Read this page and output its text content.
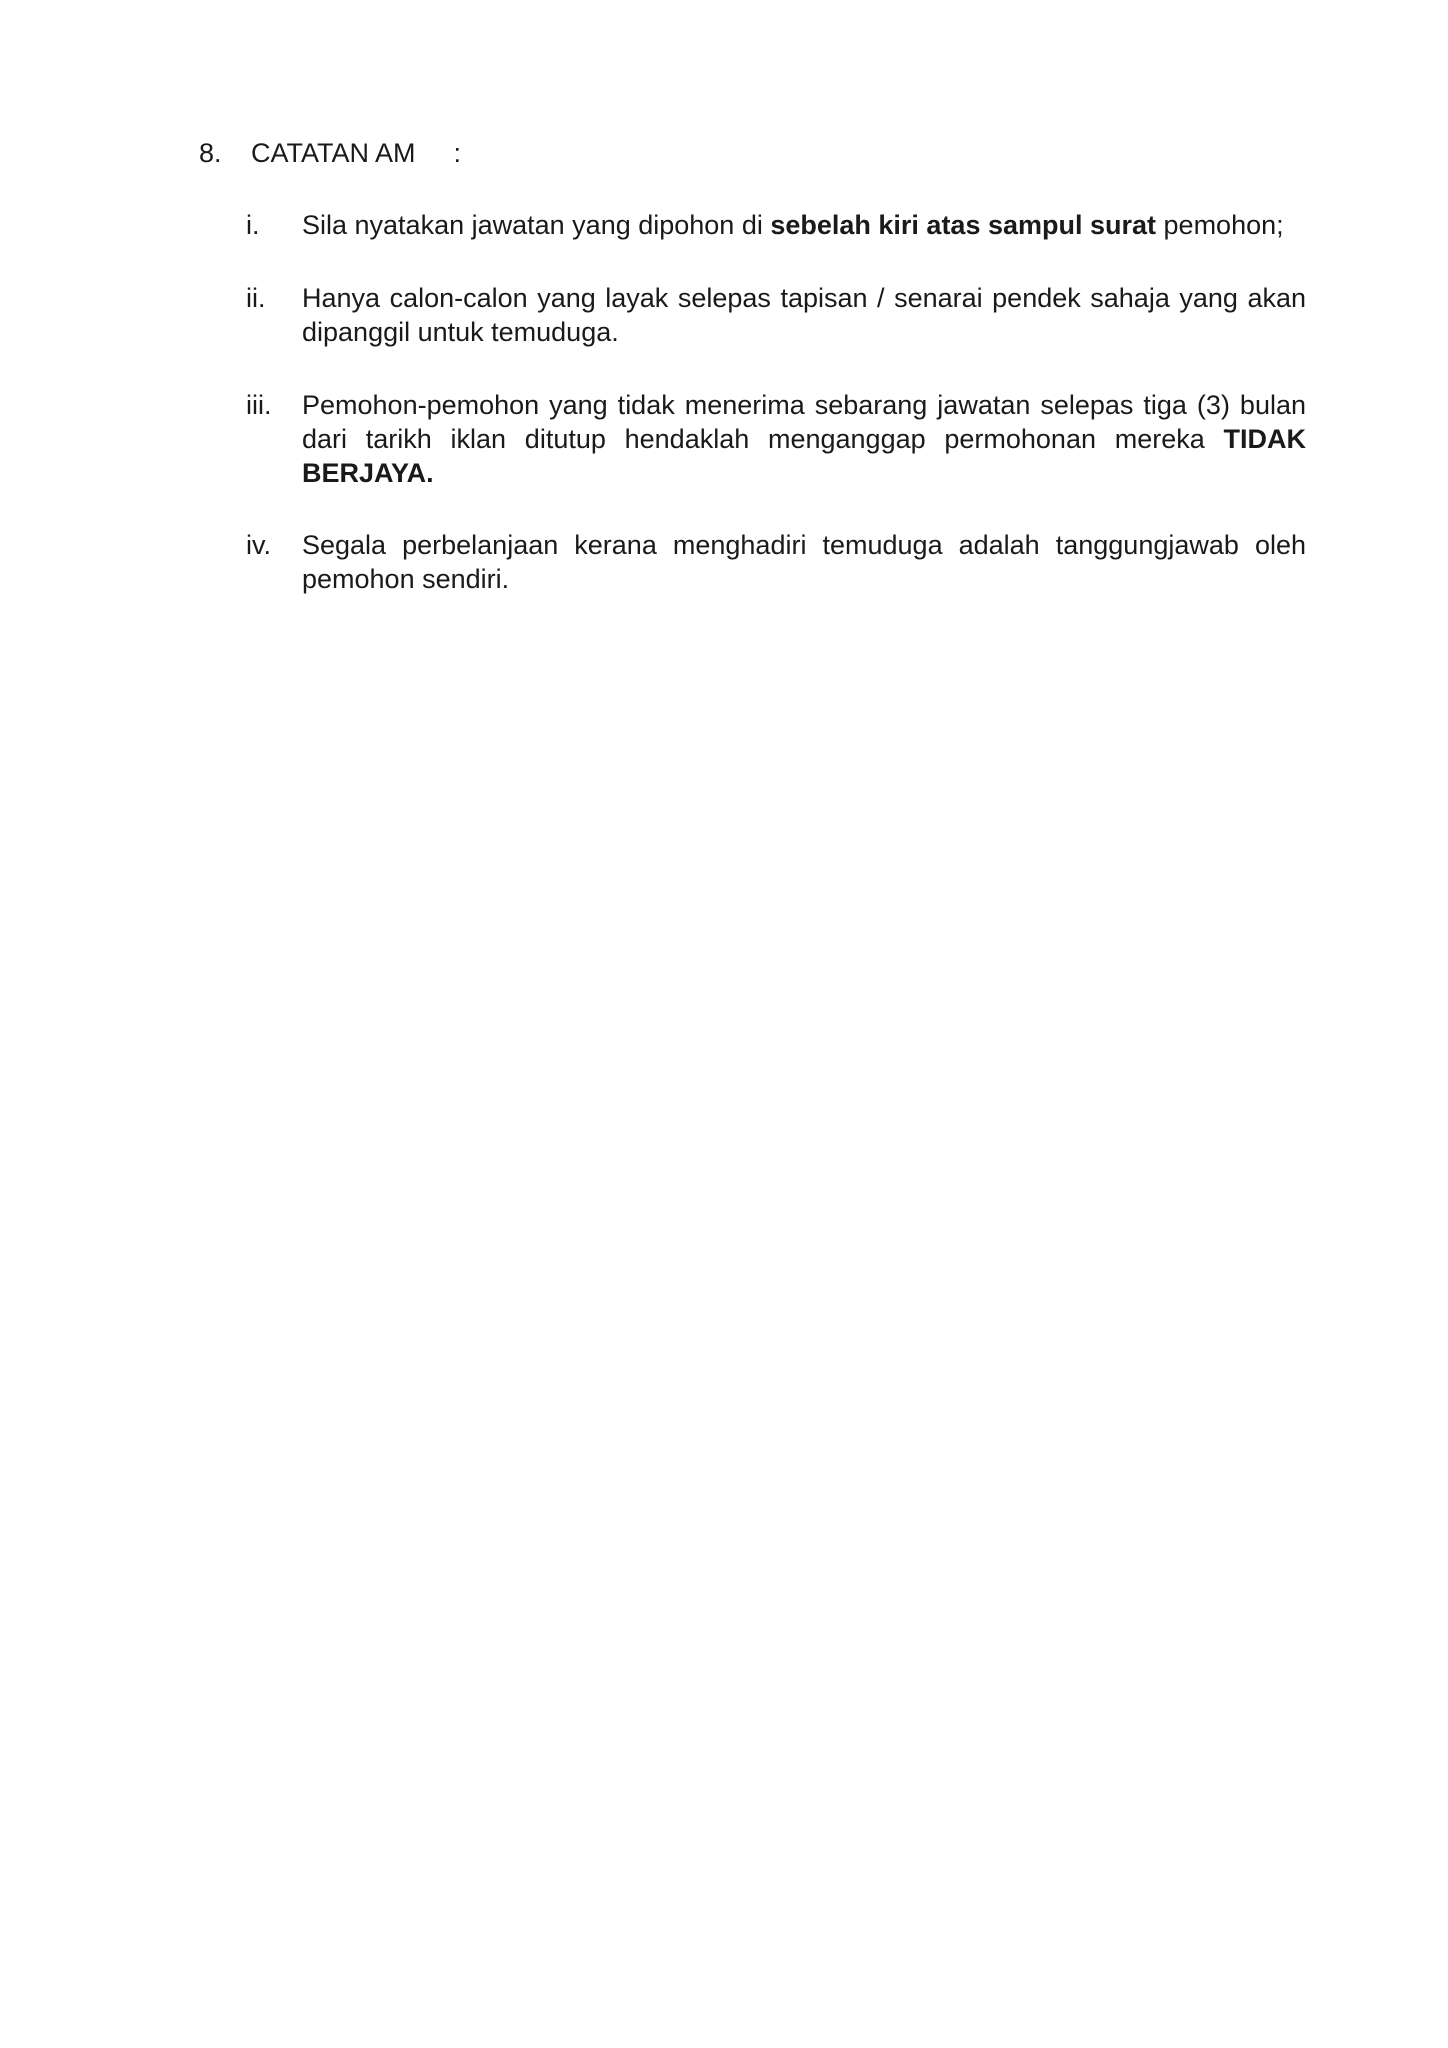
8. CATATAN AM :
i. Sila nyatakan jawatan yang dipohon di sebelah kiri atas sampul surat pemohon;
ii. Hanya calon-calon yang layak selepas tapisan / senarai pendek sahaja yang akan dipanggil untuk temuduga.
iii. Pemohon-pemohon yang tidak menerima sebarang jawatan selepas tiga (3) bulan dari tarikh iklan ditutup hendaklah menganggap permohonan mereka TIDAK BERJAYA.
iv. Segala perbelanjaan kerana menghadiri temuduga adalah tanggungjawab oleh pemohon sendiri.
